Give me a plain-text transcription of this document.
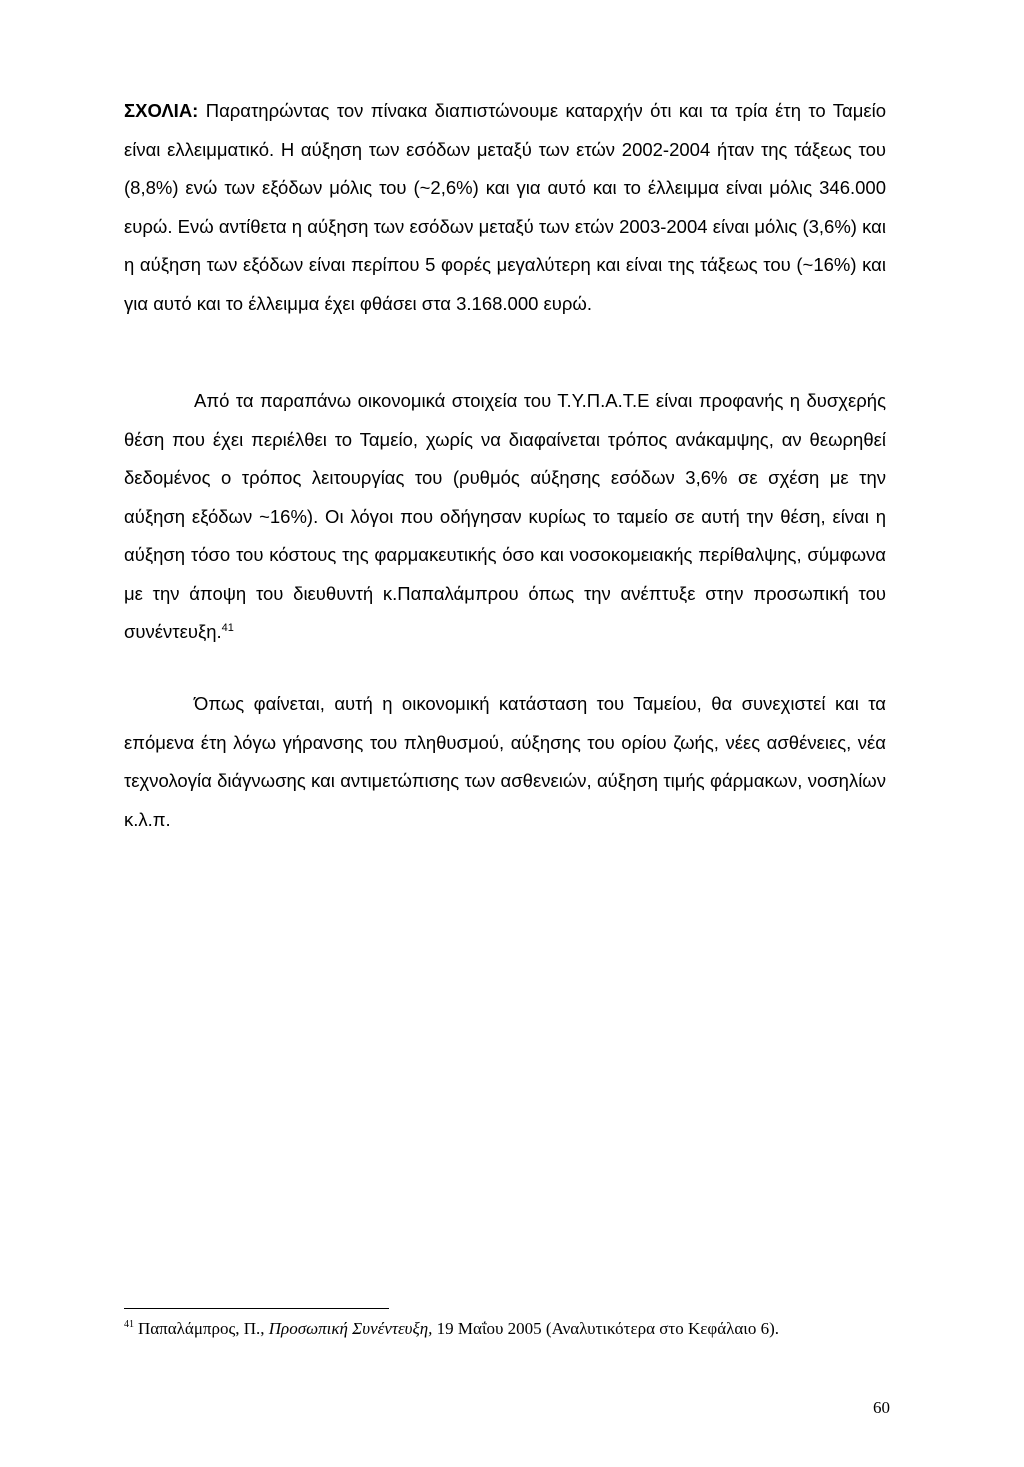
ΣΧΟΛΙΑ: Παρατηρώντας τον πίνακα διαπιστώνουμε καταρχήν ότι και τα τρία έτη το Ταμείο είναι ελλειμματικό. Η αύξηση των εσόδων μεταξύ των ετών 2002-2004 ήταν της τάξεως του (8,8%) ενώ των εξόδων μόλις του (~2,6%) και για αυτό και το έλλειμμα είναι μόλις 346.000 ευρώ. Ενώ αντίθετα η αύξηση των εσόδων μεταξύ των ετών 2003-2004 είναι μόλις (3,6%) και η αύξηση των εξόδων είναι περίπου 5 φορές μεγαλύτερη και είναι της τάξεως του (~16%) και για αυτό και το έλλειμμα έχει φθάσει στα 3.168.000 ευρώ.
Από τα παραπάνω οικονομικά στοιχεία του Τ.Υ.Π.Α.Τ.Ε είναι προφανής η δυσχερής θέση που έχει περιέλθει το Ταμείο, χωρίς να διαφαίνεται τρόπος ανάκαμψης, αν θεωρηθεί δεδομένος ο τρόπος λειτουργίας του (ρυθμός αύξησης εσόδων 3,6% σε σχέση με την αύξηση εξόδων ~16%). Οι λόγοι που οδήγησαν κυρίως το ταμείο σε αυτή την θέση, είναι η αύξηση τόσο του κόστους της φαρμακευτικής όσο και νοσοκομειακής περίθαλψης, σύμφωνα με την άποψη του διευθυντή κ.Παπαλάμπρου όπως την ανέπτυξε στην προσωπική του συνέντευξη.$^{41}$
Όπως φαίνεται, αυτή η οικονομική κατάσταση του Ταμείου, θα συνεχιστεί και τα επόμενα έτη λόγω γήρανσης του πληθυσμού, αύξησης του ορίου ζωής, νέες ασθένειες, νέα τεχνολογία διάγνωσης και αντιμετώπισης των ασθενειών, αύξηση τιμής φάρμακων, νοσηλίων κ.λ.π.
$^{41}$ Παπαλάμπρος, Π., Προσωπική Συνέντευξη, 19 Μαΐου 2005 (Αναλυτικότερα στο Κεφάλαιο 6).
60
